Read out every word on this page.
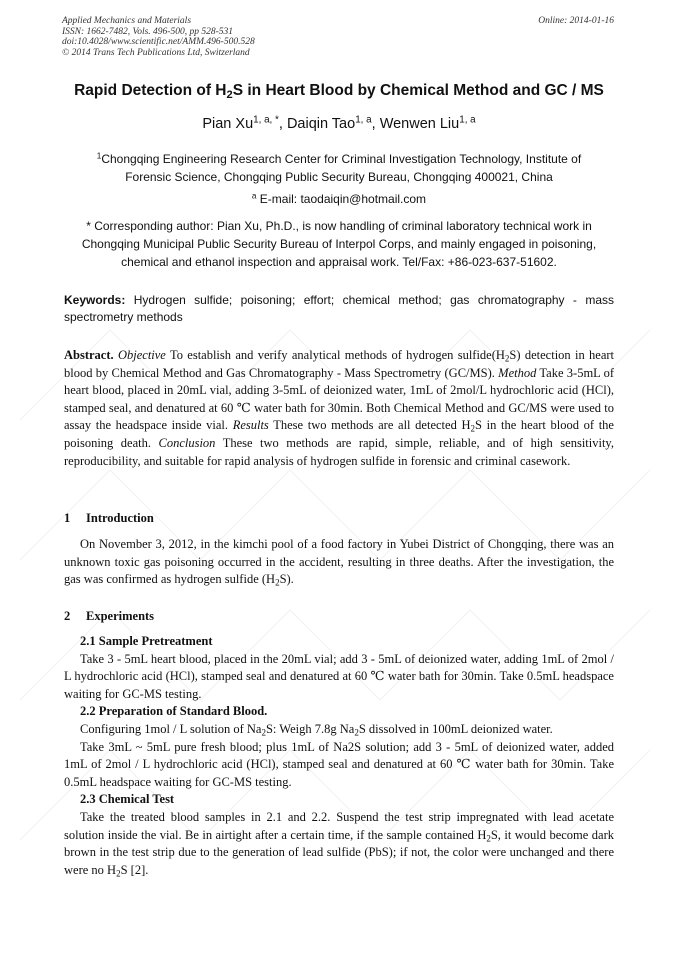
Applied Mechanics and Materials
ISSN: 1662-7482, Vols. 496-500, pp 528-531
doi:10.4028/www.scientific.net/AMM.496-500.528
© 2014 Trans Tech Publications Ltd, Switzerland
Online: 2014-01-16
Rapid Detection of $H_2S$ in Heart Blood by Chemical Method and GC / MS
Pian $Xu^{1, a, *}$, Daiqin Tao$^{1, a}$, Wenwen Liu$^{1, a}$
$^1$Chongqing Engineering Research Center for Criminal Investigation Technology, Institute of
Forensic Science, Chongqing Public Security Bureau, Chongqing 400021, China
$^a$ E-mail: taodaiqin@hotmail.com
* Corresponding author: Pian Xu, Ph.D., is now handling of criminal laboratory technical work in Chongqing Municipal Public Security Bureau of Interpol Corps, and mainly engaged in poisoning, chemical and ethanol inspection and appraisal work. Tel/Fax: +86-023-637-51602.
Keywords: Hydrogen sulfide; poisoning; effort; chemical method; gas chromatography - mass spectrometry methods
Abstract. Objective To establish and verify analytical methods of hydrogen $sulfide(H_2S)$ detection in heart blood by Chemical Method and Gas Chromatography - Mass Spectrometry (GC/MS). Method Take 3-5mL of heart blood, placed in 20mL vial, adding 3-5mL of deionized water, 1mL of 2mol/L hydrochloric acid (HCl), stamped seal, and denatured at 60 ℃ water bath for 30min. Both Chemical Method and GC/MS were used to assay the headspace inside vial. Results These two methods are all detected $H_2S$ in the heart blood of the poisoning death. Conclusion These two methods are rapid, simple, reliable, and of high sensitivity, reproducibility, and suitable for rapid analysis of hydrogen sulfide in forensic and criminal casework.
1 Introduction

On November 3, 2012, in the kimchi pool of a food factory in Yubei District of Chongqing, there was an unknown toxic gas poisoning occurred in the accident, resulting in three deaths. After the investigation, the gas was confirmed as hydrogen sulfide $(H_2S)$.

2 Experiments
2.1 Sample Pretreatment

Take 3 - 5mL heart blood, placed in the 20mL vial; add 3 - 5mL of deionized water, adding 1mL of 2mol / L hydrochloric acid (HCl), stamped seal and denatured at 60 ℃ water bath for 30min. Take 0.5mL headspace waiting for GC-MS testing.

2.2 Preparation of Standard Blood.

Configuring 1mol / L solution of $Na_2S$: Weigh 7.8g $Na_2S$ dissolved in 100mL deionized water.

Take 3mL ~ 5mL pure fresh blood; plus 1mL of Na2S solution; add 3 - 5mL of deionized water, added 1mL of 2mol / L hydrochloric acid (HCl), stamped seal and denatured at 60 ℃ water bath for 30min. Take 0.5mL headspace waiting for GC-MS testing.

2.3 Chemical Test

Take the treated blood samples in 2.1 and 2.2. Suspend the test strip impregnated with lead acetate solution inside the vial. Be in airtight after a certain time, if the sample contained $H_2S$, it would become dark brown in the test strip due to the generation of lead sulfide (PbS); if not, the color were unchanged and there were no $H_2S$ [2].
